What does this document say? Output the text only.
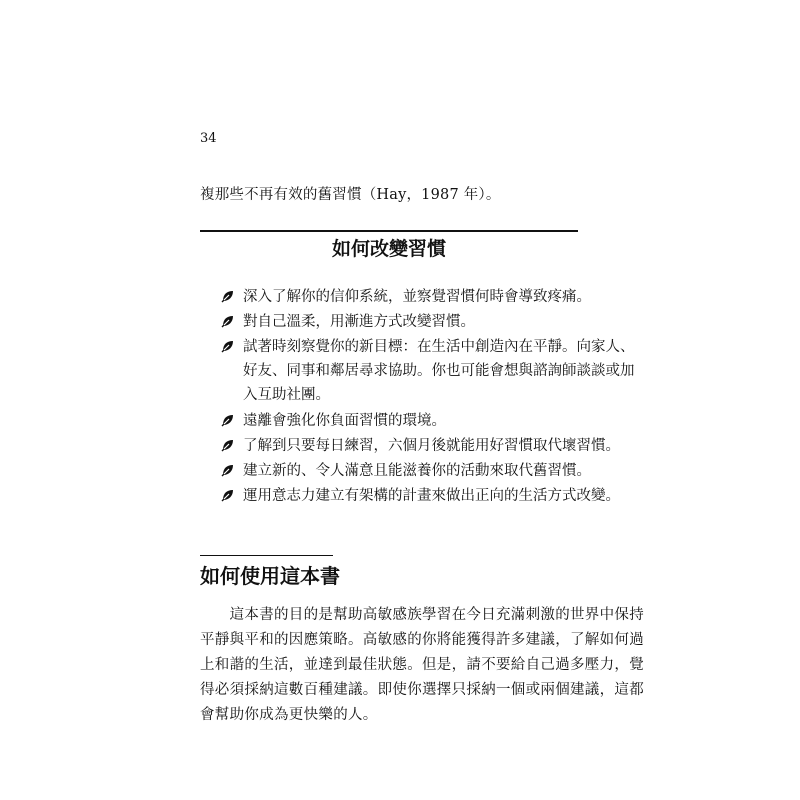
34
複那些不再有效的舊習慣（Hay，1987 年）。
如何改變習慣
深入了解你的信仰系統，並察覺習慣何時會導致疼痛。
對自己溫柔，用漸進方式改變習慣。
試著時刻察覺你的新目標：在生活中創造內在平靜。向家人、
好友、同事和鄰居尋求協助。你也可能會想與諮詢師談談或加
入互助社團。
遠離會強化你負面習慣的環境。
了解到只要每日練習，六個月後就能用好習慣取代壞習慣。
建立新的、令人滿意且能滋養你的活動來取代舊習慣。
運用意志力建立有架構的計畫來做出正向的生活方式改變。
如何使用這本書
　　這本書的目的是幫助高敏感族學習在今日充滿刺激的世界中保持
平靜與平和的因應策略。高敏感的你將能獲得許多建議，了解如何過
上和諧的生活，並達到最佳狀態。但是，請不要給自己過多壓力，覺
得必須採納這數百種建議。即使你選擇只採納一個或兩個建議，這都
會幫助你成為更快樂的人。
